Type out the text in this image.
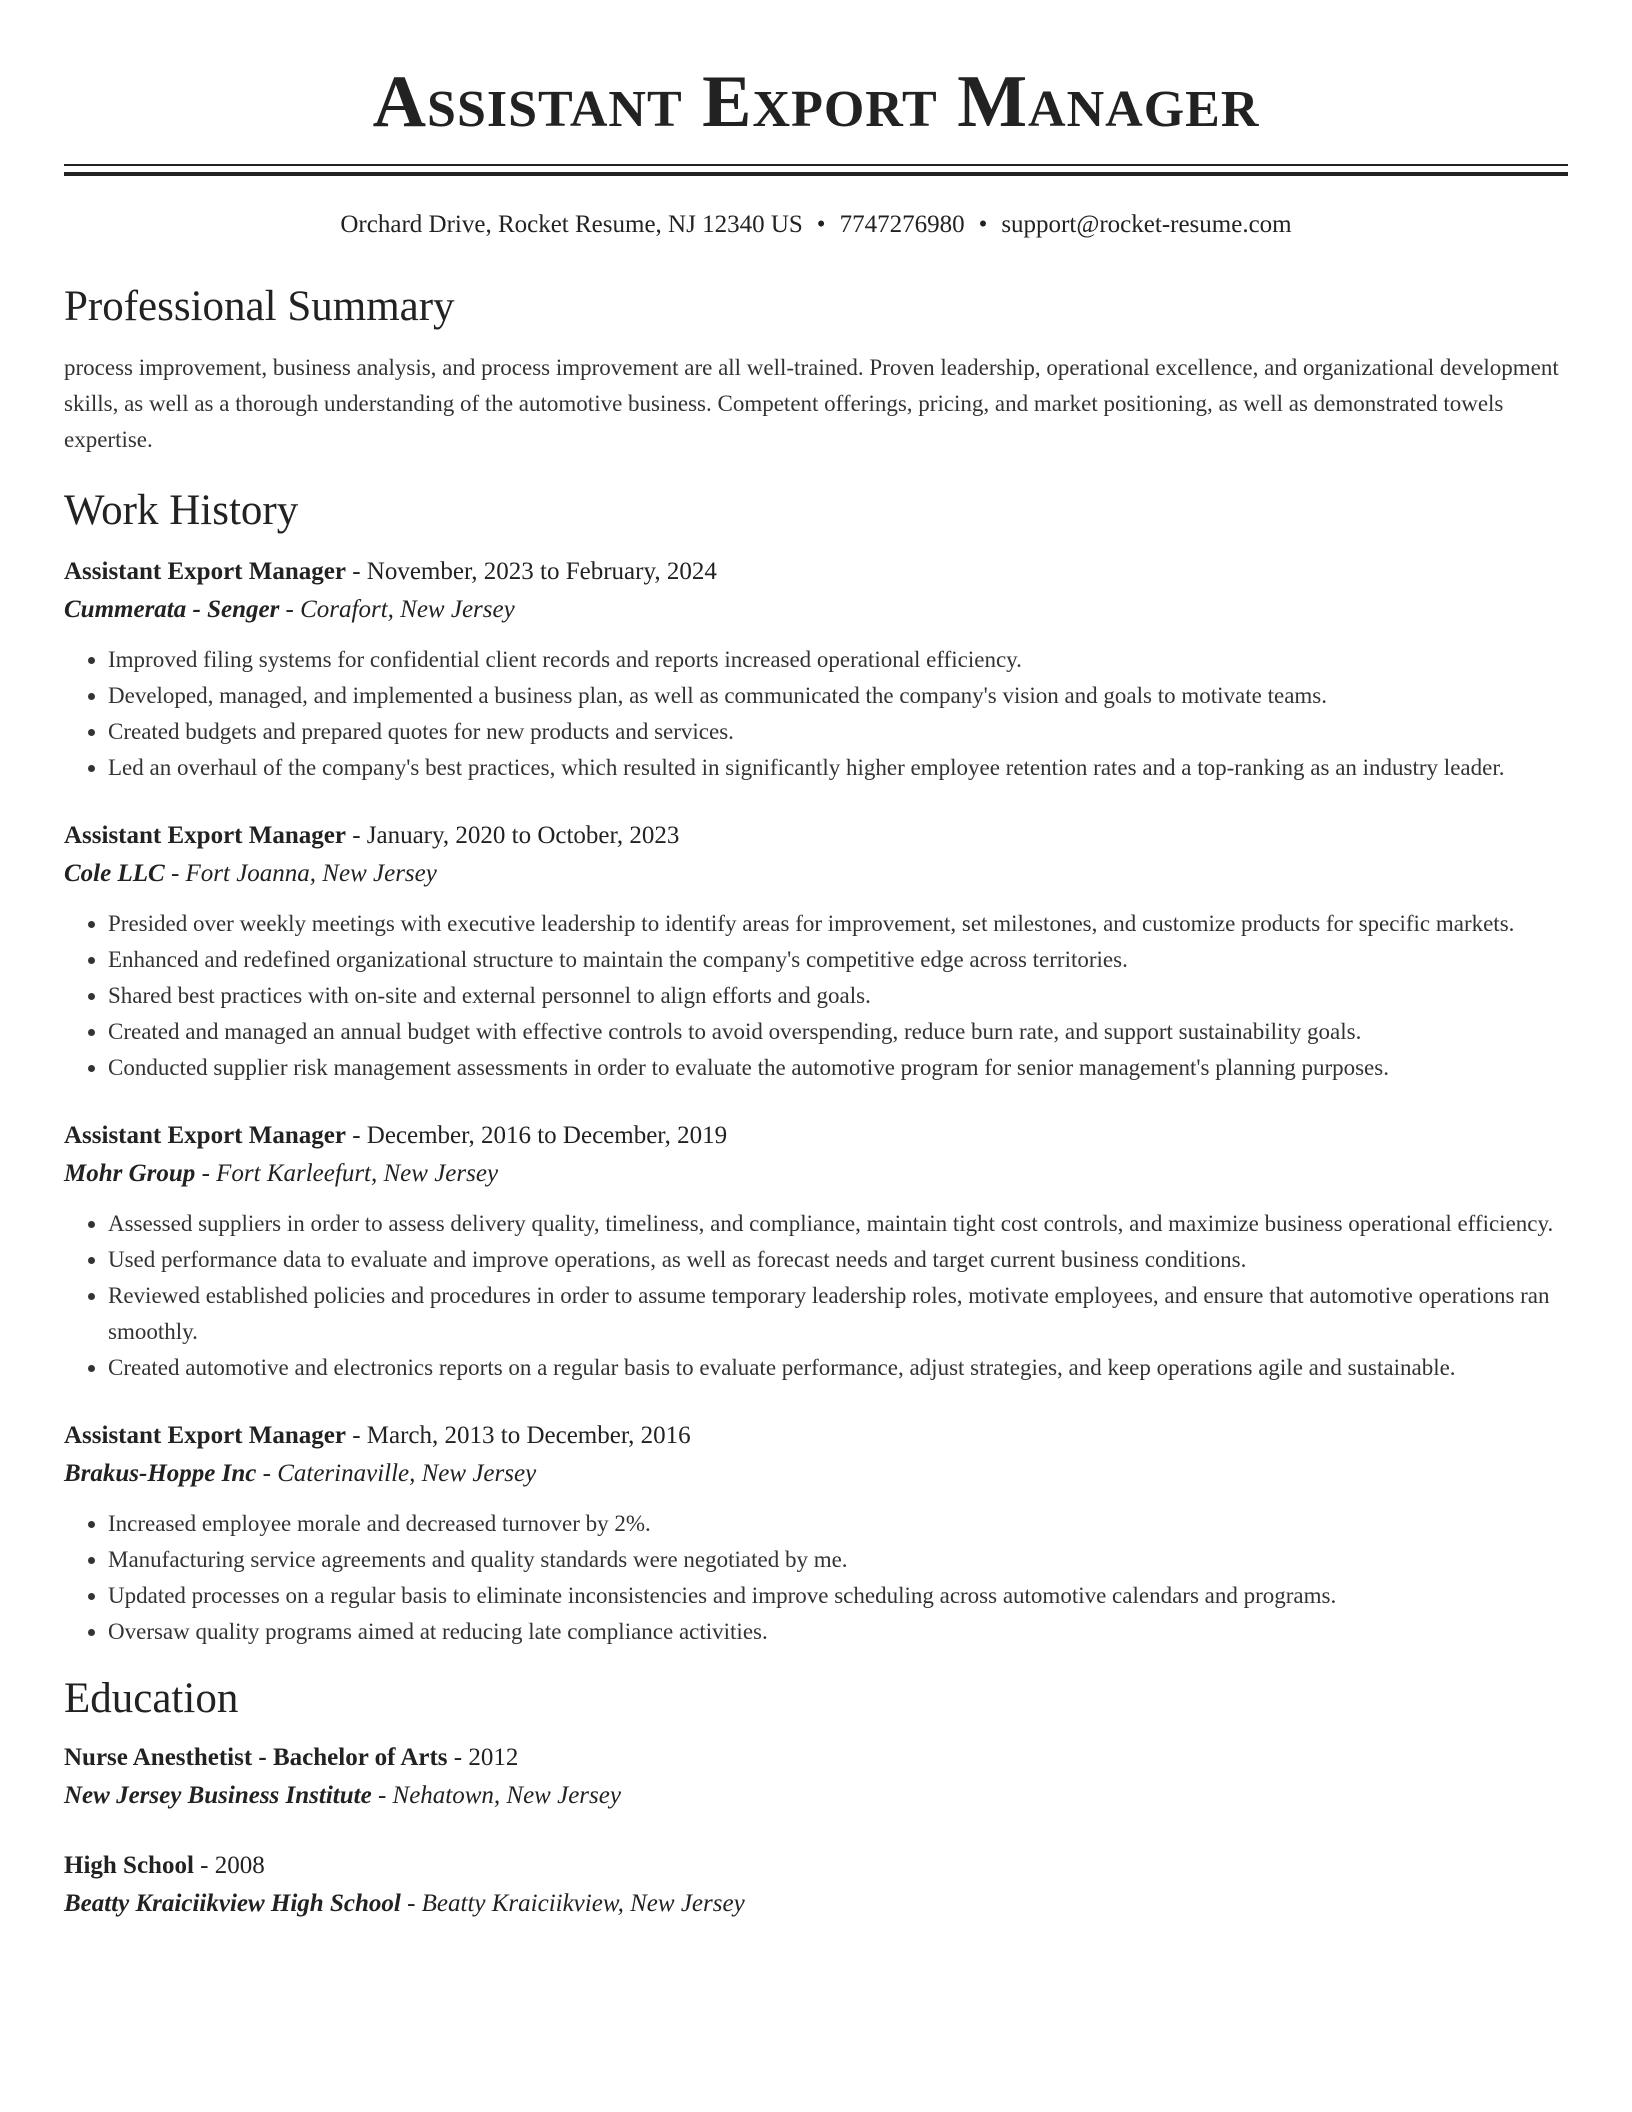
Assistant Export Manager
Orchard Drive, Rocket Resume, NJ 12340 US • 7747276980 • support@rocket-resume.com
Professional Summary
process improvement, business analysis, and process improvement are all well-trained. Proven leadership, operational excellence, and organizational development skills, as well as a thorough understanding of the automotive business. Competent offerings, pricing, and market positioning, as well as demonstrated towels expertise.
Work History
Assistant Export Manager - November, 2023 to February, 2024
Cummerata - Senger - Corafort, New Jersey
• Improved filing systems for confidential client records and reports increased operational efficiency.
• Developed, managed, and implemented a business plan, as well as communicated the company's vision and goals to motivate teams.
• Created budgets and prepared quotes for new products and services.
• Led an overhaul of the company's best practices, which resulted in significantly higher employee retention rates and a top-ranking as an industry leader.
Assistant Export Manager - January, 2020 to October, 2023
Cole LLC - Fort Joanna, New Jersey
• Presided over weekly meetings with executive leadership to identify areas for improvement, set milestones, and customize products for specific markets.
• Enhanced and redefined organizational structure to maintain the company's competitive edge across territories.
• Shared best practices with on-site and external personnel to align efforts and goals.
• Created and managed an annual budget with effective controls to avoid overspending, reduce burn rate, and support sustainability goals.
• Conducted supplier risk management assessments in order to evaluate the automotive program for senior management's planning purposes.
Assistant Export Manager - December, 2016 to December, 2019
Mohr Group - Fort Karleefurt, New Jersey
• Assessed suppliers in order to assess delivery quality, timeliness, and compliance, maintain tight cost controls, and maximize business operational efficiency.
• Used performance data to evaluate and improve operations, as well as forecast needs and target current business conditions.
• Reviewed established policies and procedures in order to assume temporary leadership roles, motivate employees, and ensure that automotive operations ran smoothly.
• Created automotive and electronics reports on a regular basis to evaluate performance, adjust strategies, and keep operations agile and sustainable.
Assistant Export Manager - March, 2013 to December, 2016
Brakus-Hoppe Inc - Caterinaville, New Jersey
• Increased employee morale and decreased turnover by 2%.
• Manufacturing service agreements and quality standards were negotiated by me.
• Updated processes on a regular basis to eliminate inconsistencies and improve scheduling across automotive calendars and programs.
• Oversaw quality programs aimed at reducing late compliance activities.
Education
Nurse Anesthetist - Bachelor of Arts - 2012
New Jersey Business Institute - Nehatown, New Jersey
High School - 2008
Beatty Kraiciikview High School - Beatty Kraiciikview, New Jersey
